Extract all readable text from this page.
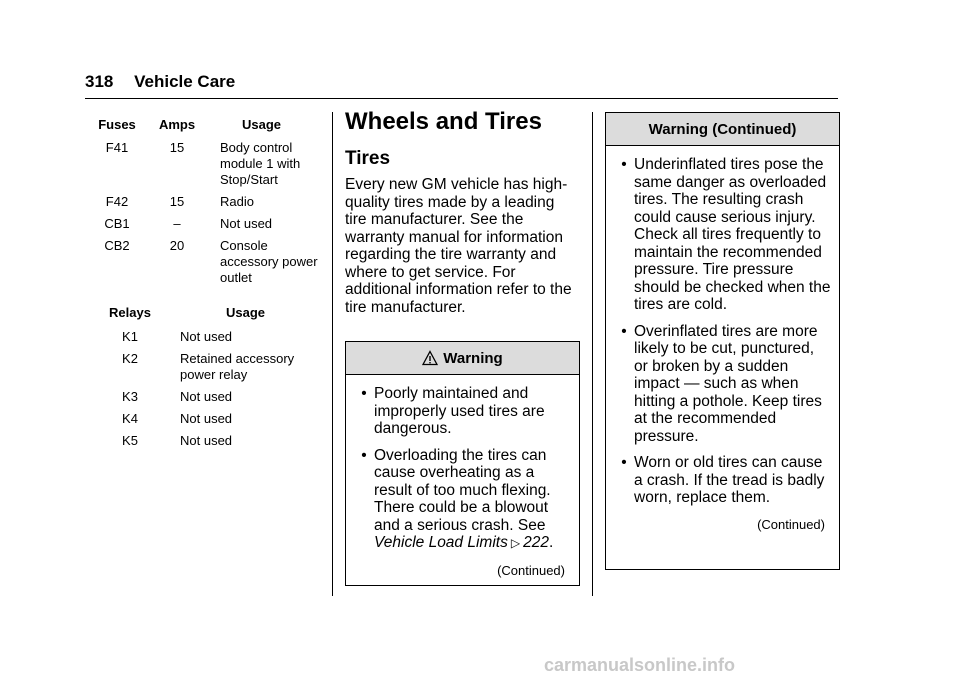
318 Vehicle Care
Fuses	Amps	Usage
F41	15	Body control module 1 with Stop/Start
F42	15	Radio
CB1	–	Not used
CB2	20	Console accessory power outlet
Relays	Usage
K1	Not used
K2	Retained accessory power relay
K3	Not used
K4	Not used
K5	Not used
Wheels and Tires
Tires
Every new GM vehicle has high-quality tires made by a leading tire manufacturer. See the warranty manual for information regarding the tire warranty and where to get service. For additional information refer to the tire manufacturer.
Warning
• Poorly maintained and improperly used tires are dangerous.
• Overloading the tires can cause overheating as a result of too much flexing. There could be a blowout and a serious crash. See Vehicle Load Limits ▷ 222.
(Continued)
Warning (Continued)
• Underinflated tires pose the same danger as overloaded tires. The resulting crash could cause serious injury. Check all tires frequently to maintain the recommended pressure. Tire pressure should be checked when the tires are cold.
• Overinflated tires are more likely to be cut, punctured, or broken by a sudden impact — such as when hitting a pothole. Keep tires at the recommended pressure.
• Worn or old tires can cause a crash. If the tread is badly worn, replace them.
(Continued)
carmanualsonline.info
